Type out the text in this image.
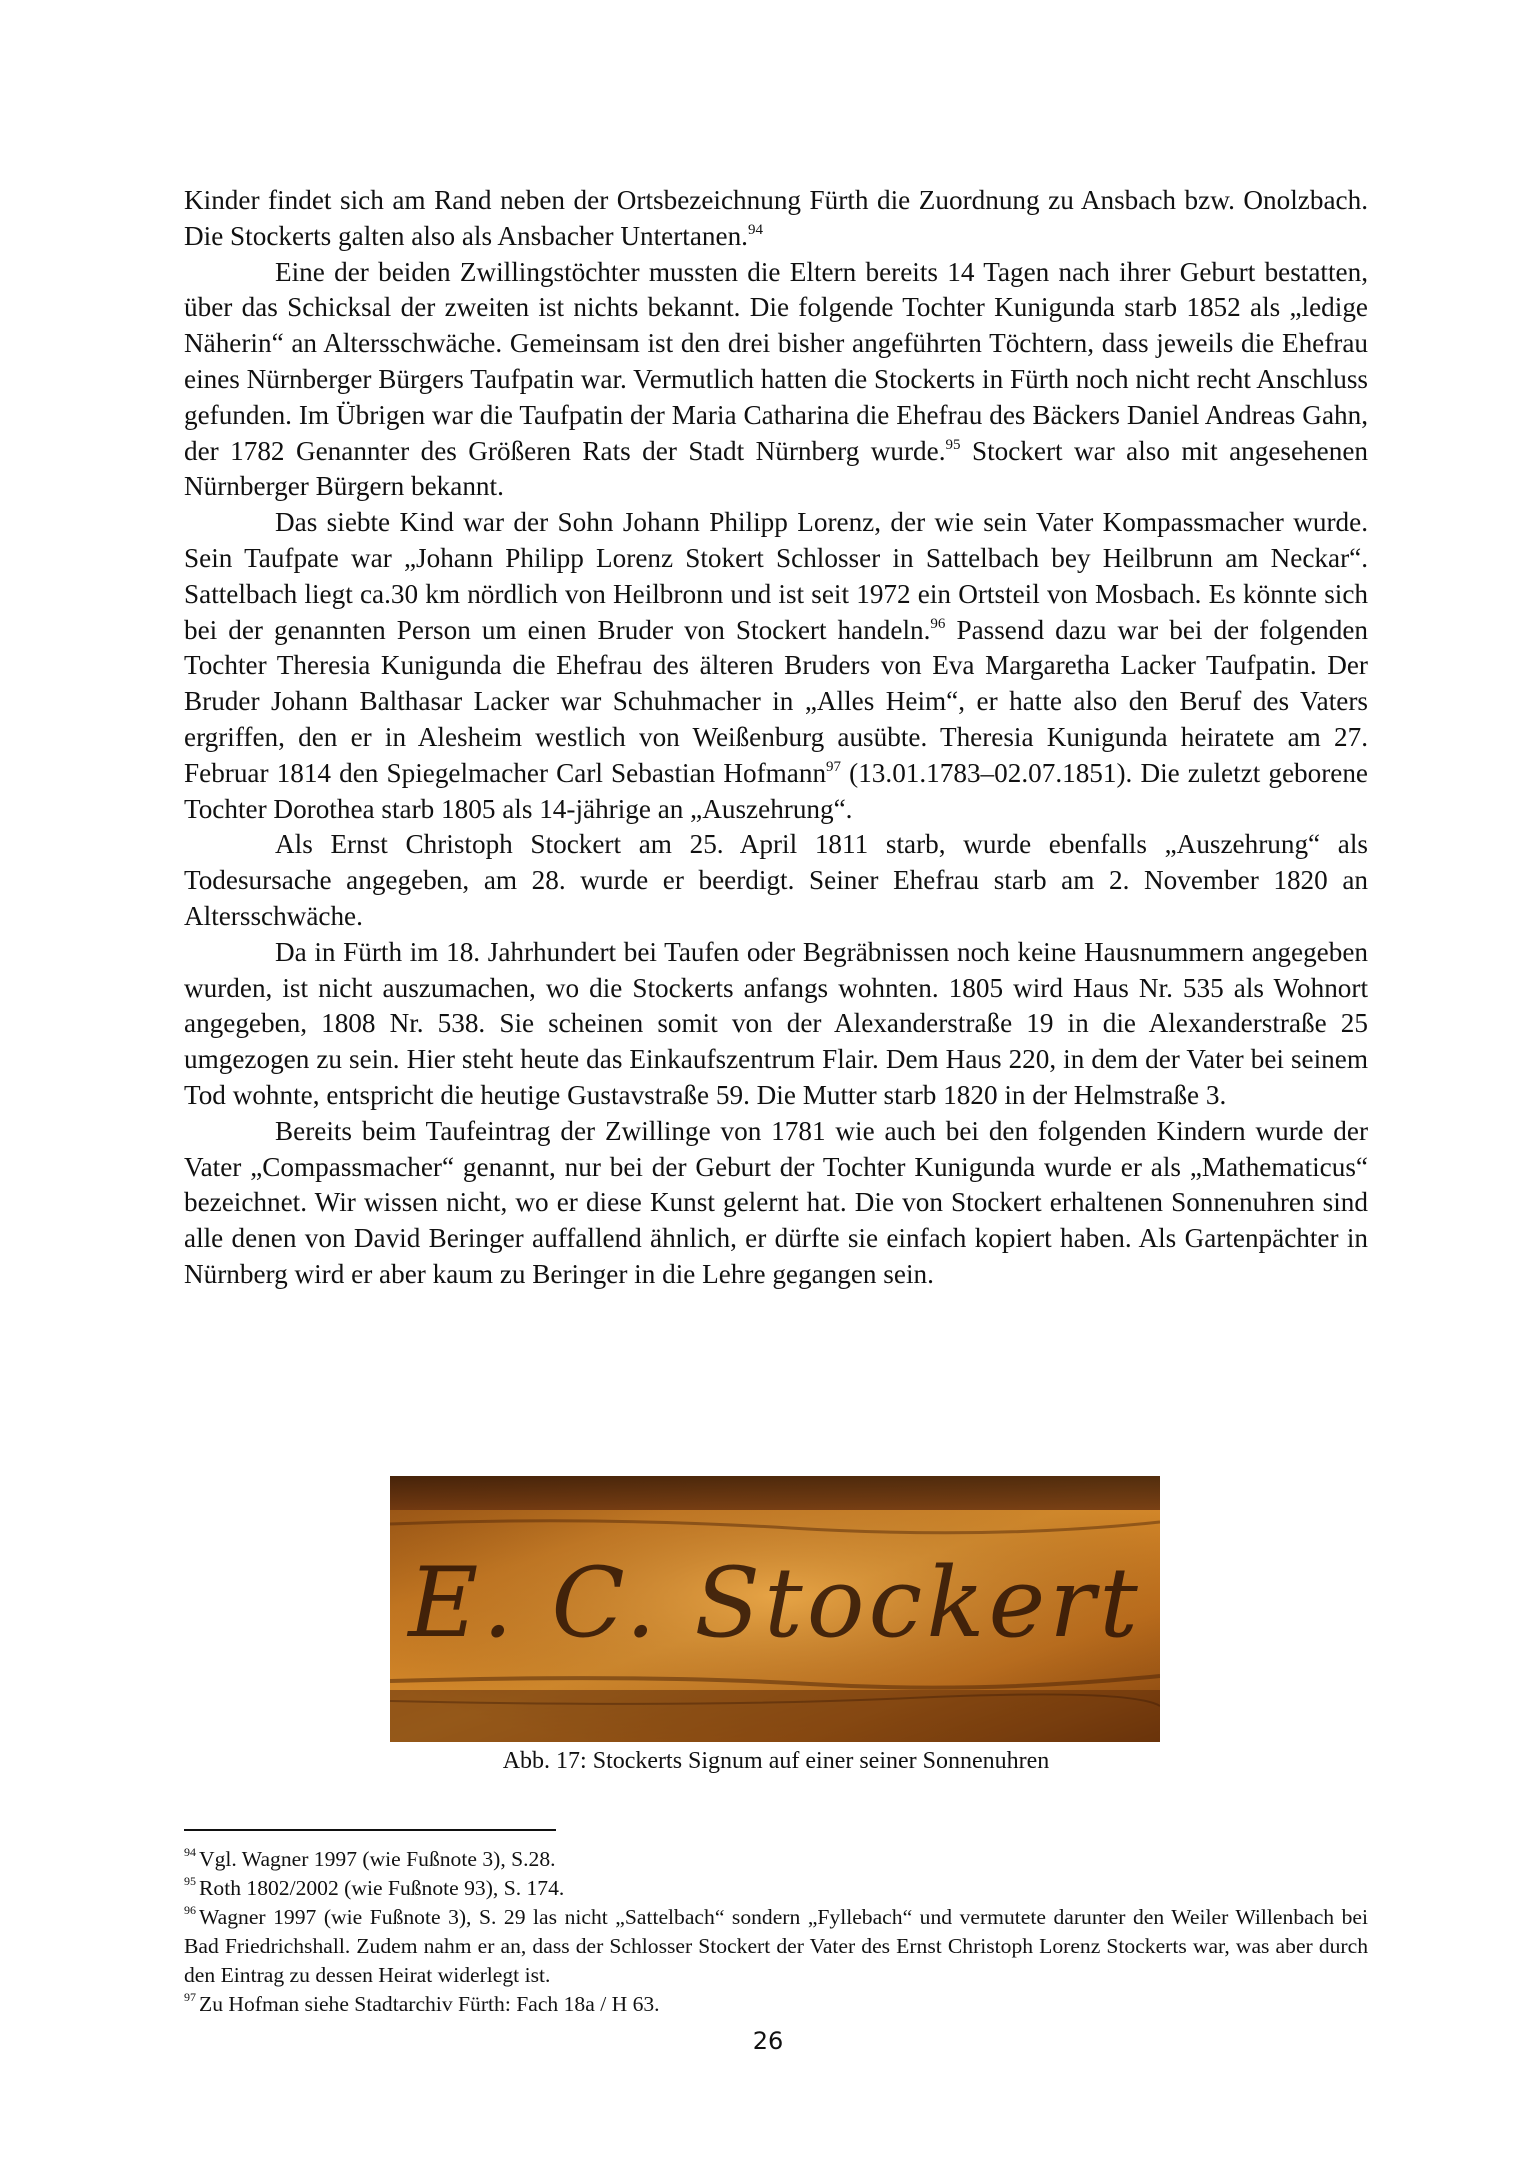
Kinder findet sich am Rand neben der Ortsbezeichnung Fürth die Zuordnung zu Ansbach bzw. Onolzbach. Die Stockerts galten also als Ansbacher Untertanen.$^{94}$

Eine der beiden Zwillingstöchter mussten die Eltern bereits 14 Tagen nach ihrer Geburt bestatten, über das Schicksal der zweiten ist nichts bekannt. Die folgende Tochter Kunigunda starb 1852 als „ledige Näherin“ an Altersschwäche. Gemeinsam ist den drei bisher angeführten Töchtern, dass jeweils die Ehefrau eines Nürnberger Bürgers Taufpatin war. Vermutlich hatten die Stockerts in Fürth noch nicht recht Anschluss gefunden. Im Übrigen war die Taufpatin der Maria Catharina die Ehefrau des Bäckers Daniel Andreas Gahn, der 1782 Genannter des Größeren Rats der Stadt Nürnberg wurde.$^{95}$ Stockert war also mit angesehenen Nürnberger Bürgern bekannt.

Das siebte Kind war der Sohn Johann Philipp Lorenz, der wie sein Vater Kompassmacher wurde. Sein Taufpate war „Johann Philipp Lorenz Stokert Schlosser in Sattelbach bey Heilbrunn am Neckar“. Sattelbach liegt ca.30 km nördlich von Heilbronn und ist seit 1972 ein Ortsteil von Mosbach. Es könnte sich bei der genannten Person um einen Bruder von Stockert handeln.$^{96}$ Passend dazu war bei der folgenden Tochter Theresia Kunigunda die Ehefrau des älteren Bruders von Eva Margaretha Lacker Taufpatin. Der Bruder Johann Balthasar Lacker war Schuhmacher in „Alles Heim“, er hatte also den Beruf des Vaters ergriffen, den er in Alesheim westlich von Weißenburg ausübte. Theresia Kunigunda heiratete am 27. Februar 1814 den Spiegelmacher Carl Sebastian Hofmann$^{97}$ (13.01.1783–02.07.1851). Die zuletzt geborene Tochter Dorothea starb 1805 als 14-jährige an „Auszehrung“.

Als Ernst Christoph Stockert am 25. April 1811 starb, wurde ebenfalls „Auszehrung“ als Todesursache angegeben, am 28. wurde er beerdigt. Seiner Ehefrau starb am 2. November 1820 an Altersschwäche.

Da in Fürth im 18. Jahrhundert bei Taufen oder Begräbnissen noch keine Hausnummern angegeben wurden, ist nicht auszumachen, wo die Stockerts anfangs wohnten. 1805 wird Haus Nr. 535 als Wohnort angegeben, 1808 Nr. 538. Sie scheinen somit von der Alexanderstraße 19 in die Alexanderstraße 25 umgezogen zu sein. Hier steht heute das Einkaufszentrum Flair. Dem Haus 220, in dem der Vater bei seinem Tod wohnte, entspricht die heutige Gustavstraße 59. Die Mutter starb 1820 in der Helmstraße 3.

Bereits beim Taufeintrag der Zwillinge von 1781 wie auch bei den folgenden Kindern wurde der Vater „Compassmacher“ genannt, nur bei der Geburt der Tochter Kunigunda wurde er als „Mathematicus“ bezeichnet. Wir wissen nicht, wo er diese Kunst gelernt hat. Die von Stockert erhaltenen Sonnenuhren sind alle denen von David Beringer auffallend ähnlich, er dürfte sie einfach kopiert haben. Als Gartenpächter in Nürnberg wird er aber kaum zu Beringer in die Lehre gegangen sein.

E. C. Stockert
Abb. 17: Stockerts Signum auf einer seiner Sonnenuhren

$^{94}$ Vgl. Wagner 1997 (wie Fußnote 3), S.28.

$^{95}$ Roth 1802/2002 (wie Fußnote 93), S. 174.

$^{96}$ Wagner 1997 (wie Fußnote 3), S. 29 las nicht „Sattelbach“ sondern „Fyllebach“ und vermutete darunter den Weiler Willenbach bei Bad Friedrichshall. Zudem nahm er an, dass der Schlosser Stockert der Vater des Ernst Christoph Lorenz Stockerts war, was aber durch den Eintrag zu dessen Heirat widerlegt ist.

$^{97}$ Zu Hofman siehe Stadtarchiv Fürth: Fach 18a / H 63.

26
